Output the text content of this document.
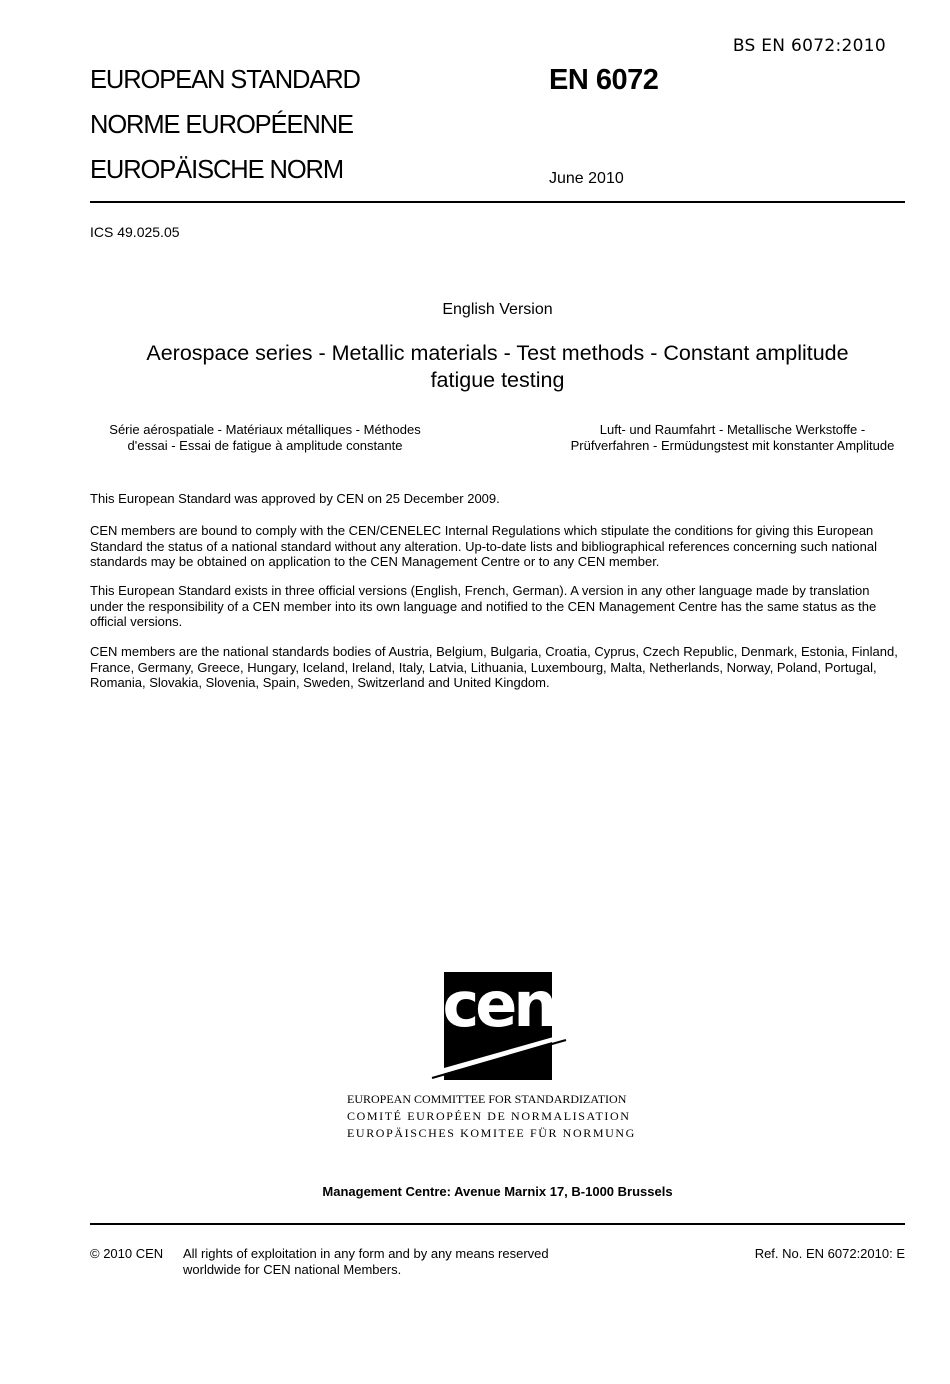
BS EN 6072:2010
EUROPEAN STANDARD
NORME EUROPÉENNE
EUROPÄISCHE NORM
EN 6072
June 2010
ICS 49.025.05
English Version
Aerospace series - Metallic materials - Test methods - Constant amplitude fatigue testing
Série aérospatiale - Matériaux métalliques - Méthodes d'essai - Essai de fatigue à amplitude constante
Luft- und Raumfahrt - Metallische Werkstoffe - Prüfverfahren - Ermüdungstest mit konstanter Amplitude

This European Standard was approved by CEN on 25 December 2009.

CEN members are bound to comply with the CEN/CENELEC Internal Regulations which stipulate the conditions for giving this European Standard the status of a national standard without any alteration. Up-to-date lists and bibliographical references concerning such national standards may be obtained on application to the CEN Management Centre or to any CEN member.

This European Standard exists in three official versions (English, French, German). A version in any other language made by translation under the responsibility of a CEN member into its own language and notified to the CEN Management Centre has the same status as the official versions.

CEN members are the national standards bodies of Austria, Belgium, Bulgaria, Croatia, Cyprus, Czech Republic, Denmark, Estonia, Finland, France, Germany, Greece, Hungary, Iceland, Ireland, Italy, Latvia, Lithuania, Luxembourg, Malta, Netherlands, Norway, Poland, Portugal, Romania, Slovakia, Slovenia, Spain, Sweden, Switzerland and United Kingdom.

cen
EUROPEAN COMMITTEE FOR STANDARDIZATION
COMITÉ EUROPÉEN DE NORMALISATION
EUROPÄISCHES KOMITEE FÜR NORMUNG
Management Centre: Avenue Marnix 17, B-1000 Brussels
© 2010 CEN All rights of exploitation in any form and by any means reserved
worldwide for CEN national Members.
Ref. No. EN 6072:2010: E
